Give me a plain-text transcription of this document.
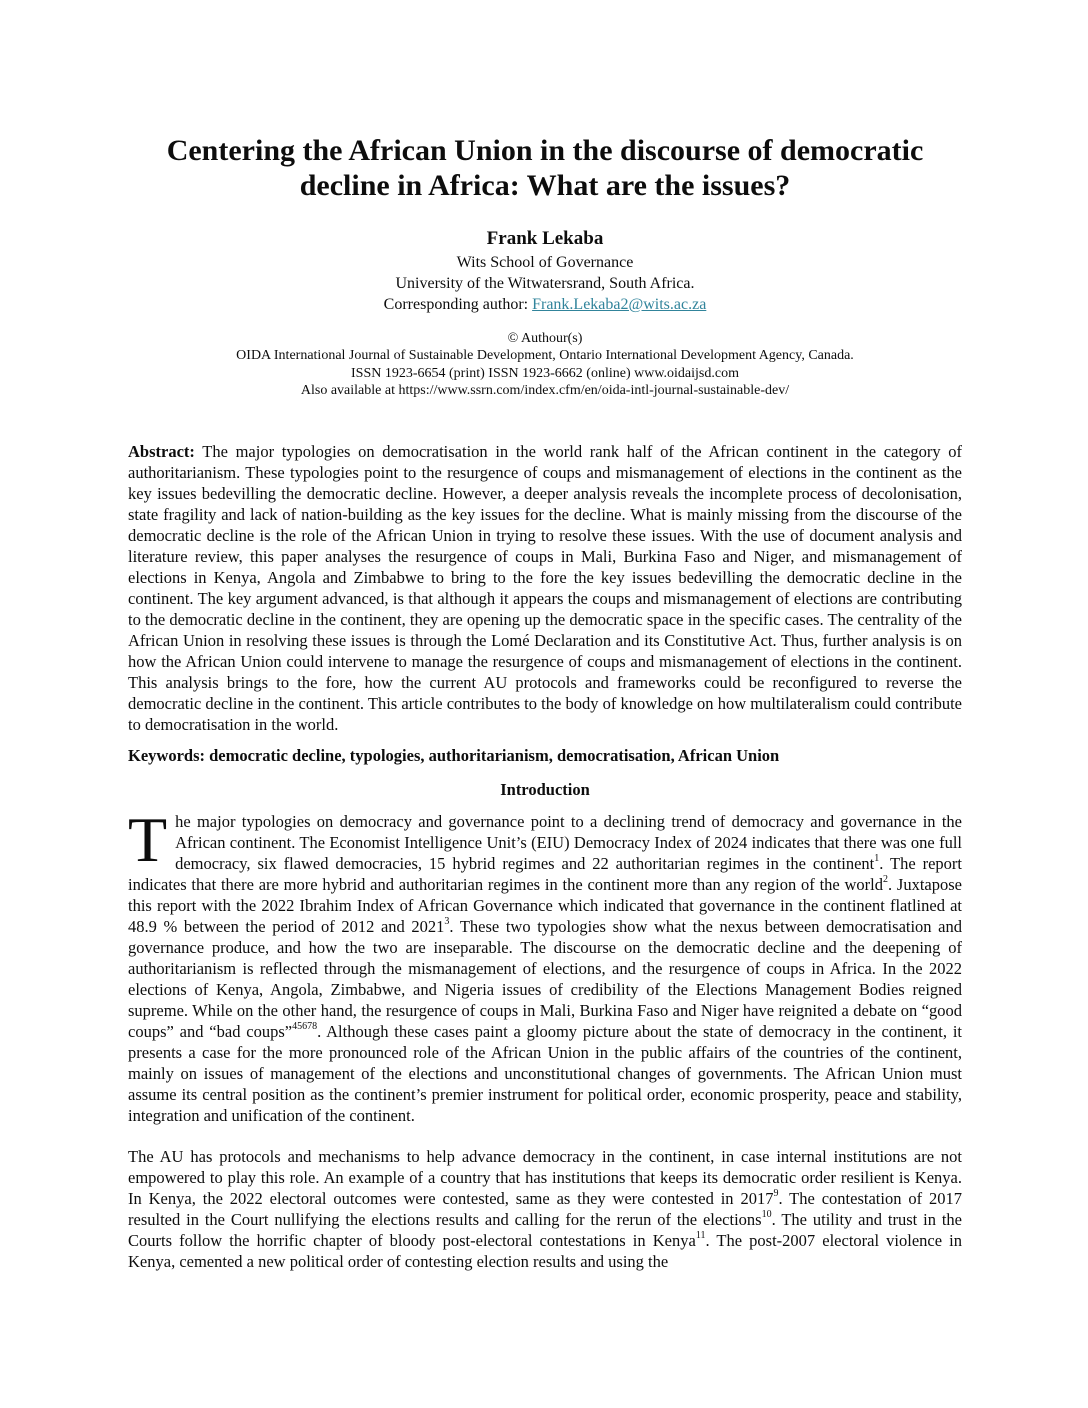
Centering the African Union in the discourse of democratic decline in Africa: What are the issues?
Frank Lekaba
Wits School of Governance
University of the Witwatersrand, South Africa.
Corresponding author: Frank.Lekaba2@wits.ac.za
© Authour(s)
OIDA International Journal of Sustainable Development, Ontario International Development Agency, Canada.
ISSN 1923-6654 (print) ISSN 1923-6662 (online) www.oidaijsd.com
Also available at https://www.ssrn.com/index.cfm/en/oida-intl-journal-sustainable-dev/

Abstract: The major typologies on democratisation in the world rank half of the African continent in the category of authoritarianism. These typologies point to the resurgence of coups and mismanagement of elections in the continent as the key issues bedevilling the democratic decline. However, a deeper analysis reveals the incomplete process of decolonisation, state fragility and lack of nation-building as the key issues for the decline. What is mainly missing from the discourse of the democratic decline is the role of the African Union in trying to resolve these issues. With the use of document analysis and literature review, this paper analyses the resurgence of coups in Mali, Burkina Faso and Niger, and mismanagement of elections in Kenya, Angola and Zimbabwe to bring to the fore the key issues bedevilling the democratic decline in the continent. The key argument advanced, is that although it appears the coups and mismanagement of elections are contributing to the democratic decline in the continent, they are opening up the democratic space in the specific cases. The centrality of the African Union in resolving these issues is through the Lomé Declaration and its Constitutive Act. Thus, further analysis is on how the African Union could intervene to manage the resurgence of coups and mismanagement of elections in the continent. This analysis brings to the fore, how the current AU protocols and frameworks could be reconfigured to reverse the democratic decline in the continent. This article contributes to the body of knowledge on how multilateralism could contribute to democratisation in the world.

Keywords: democratic decline, typologies, authoritarianism, democratisation, African Union

Introduction

The major typologies on democracy and governance point to a declining trend of democracy and governance in the African continent. The Economist Intelligence Unit’s (EIU) Democracy Index of 2024 indicates that there was one full democracy, six flawed democracies, 15 hybrid regimes and 22 authoritarian regimes in the continent$^1$. The report indicates that there are more hybrid and authoritarian regimes in the continent more than any region of the world$^2$. Juxtapose this report with the 2022 Ibrahim Index of African Governance which indicated that governance in the continent flatlined at 48.9 % between the period of 2012 and 2021$^3$. These two typologies show what the nexus between democratisation and governance produce, and how the two are inseparable. The discourse on the democratic decline and the deepening of authoritarianism is reflected through the mismanagement of elections, and the resurgence of coups in Africa. In the 2022 elections of Kenya, Angola, Zimbabwe, and Nigeria issues of credibility of the Elections Management Bodies reigned supreme. While on the other hand, the resurgence of coups in Mali, Burkina Faso and Niger have reignited a debate on “good coups” and “bad coups”$^{45678}$. Although these cases paint a gloomy picture about the state of democracy in the continent, it presents a case for the more pronounced role of the African Union in the public affairs of the countries of the continent, mainly on issues of management of the elections and unconstitutional changes of governments. The African Union must assume its central position as the continent’s premier instrument for political order, economic prosperity, peace and stability, integration and unification of the continent.

The AU has protocols and mechanisms to help advance democracy in the continent, in case internal institutions are not empowered to play this role. An example of a country that has institutions that keeps its democratic order resilient is Kenya. In Kenya, the 2022 electoral outcomes were contested, same as they were contested in 2017$^9$. The contestation of 2017 resulted in the Court nullifying the elections results and calling for the rerun of the elections$^{10}$. The utility and trust in the Courts follow the horrific chapter of bloody post-electoral contestations in Kenya$^{11}$. The post-2007 electoral violence in Kenya, cemented a new political order of contesting election results and using the
